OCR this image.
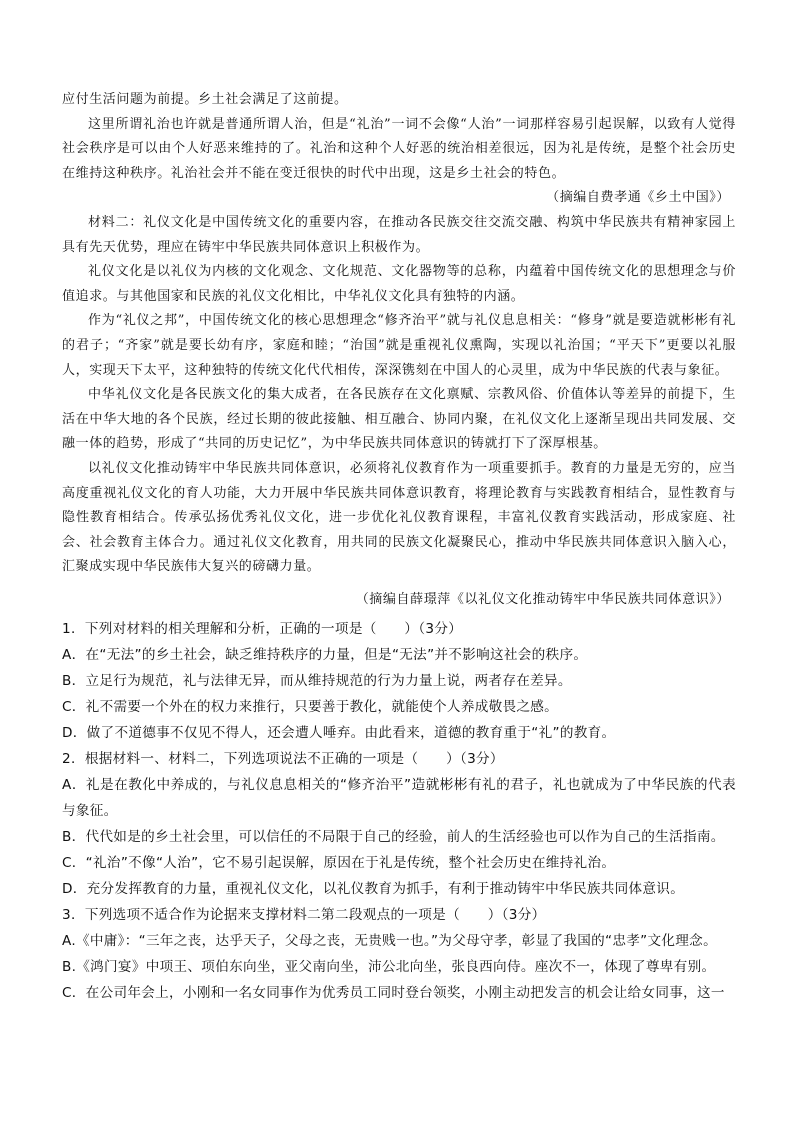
应付生活问题为前提。乡土社会满足了这前提。

这里所谓礼治也许就是普通所谓人治，但是“礼治”一词不会像“人治”一词那样容易引起误解，以致有人觉得社会秩序是可以由个人好恶来维持的了。礼治和这种个人好恶的统治相差很远，因为礼是传统，是整个社会历史在维持这种秩序。礼治社会并不能在变迁很快的时代中出现，这是乡土社会的特色。

（摘编自费孝通《乡土中国》）

材料二：礼仪文化是中国传统文化的重要内容，在推动各民族交往交流交融、构筑中华民族共有精神家园上具有先天优势，理应在铸牢中华民族共同体意识上积极作为。

礼仪文化是以礼仪为内核的文化观念、文化规范、文化器物等的总称，内蕴着中国传统文化的思想理念与价值追求。与其他国家和民族的礼仪文化相比，中华礼仪文化具有独特的内涵。

作为“礼仪之邦”，中国传统文化的核心思想理念“修齐治平”就与礼仪息息相关：“修身”就是要造就彬彬有礼的君子；“齐家”就是要长幼有序，家庭和睦；“治国”就是重视礼仪熏陶，实现以礼治国；“平天下”更要以礼服人，实现天下太平，这种独特的传统文化代代相传，深深镌刻在中国人的心灵里，成为中华民族的代表与象征。

中华礼仪文化是各民族文化的集大成者，在各民族存在文化禀赋、宗教风俗、价值体认等差异的前提下，生活在中华大地的各个民族，经过长期的彼此接触、相互融合、协同内聚，在礼仪文化上逐渐呈现出共同发展、交融一体的趋势，形成了“共同的历史记忆”，为中华民族共同体意识的铸就打下了深厚根基。

以礼仪文化推动铸牢中华民族共同体意识，必须将礼仪教育作为一项重要抓手。教育的力量是无穷的，应当高度重视礼仪文化的育人功能，大力开展中华民族共同体意识教育，将理论教育与实践教育相结合，显性教育与隐性教育相结合。传承弘扬优秀礼仪文化，进一步优化礼仪教育课程，丰富礼仪教育实践活动，形成家庭、社会、社会教育主体合力。通过礼仪文化教育，用共同的民族文化凝聚民心，推动中华民族共同体意识入脑入心，汇聚成实现中华民族伟大复兴的磅礴力量。

（摘编自薛璟萍《以礼仪文化推动铸牢中华民族共同体意识》）

1．下列对材料的相关理解和分析，正确的一项是（　　）（3分）

A．在“无法”的乡土社会，缺乏维持秩序的力量，但是“无法”并不影响这社会的秩序。

B．立足行为规范，礼与法律无异，而从维持规范的行为力量上说，两者存在差异。

C．礼不需要一个外在的权力来推行，只要善于教化，就能使个人养成敬畏之感。

D．做了不道德事不仅见不得人，还会遭人唾弃。由此看来，道德的教育重于“礼”的教育。

2．根据材料一、材料二，下列选项说法不正确的一项是（　　）（3分）

A．礼是在教化中养成的，与礼仪息息相关的“修齐治平”造就彬彬有礼的君子，礼也就成为了中华民族的代表与象征。

B．代代如是的乡土社会里，可以信任的不局限于自己的经验，前人的生活经验也可以作为自己的生活指南。

C．“礼治”不像“人治”，它不易引起误解，原因在于礼是传统，整个社会历史在维持礼治。

D．充分发挥教育的力量，重视礼仪文化，以礼仪教育为抓手，有利于推动铸牢中华民族共同体意识。

3．下列选项不适合作为论据来支撑材料二第二段观点的一项是（　　）（3分）

A.《中庸》：“三年之丧，达乎天子，父母之丧，无贵贱一也。”为父母守孝，彰显了我国的“忠孝”文化理念。

B.《鸿门宴》中项王、项伯东向坐，亚父南向坐，沛公北向坐，张良西向侍。座次不一，体现了尊卑有别。

C．在公司年会上，小刚和一名女同事作为优秀员工同时登台领奖，小刚主动把发言的机会让给女同事，这一
